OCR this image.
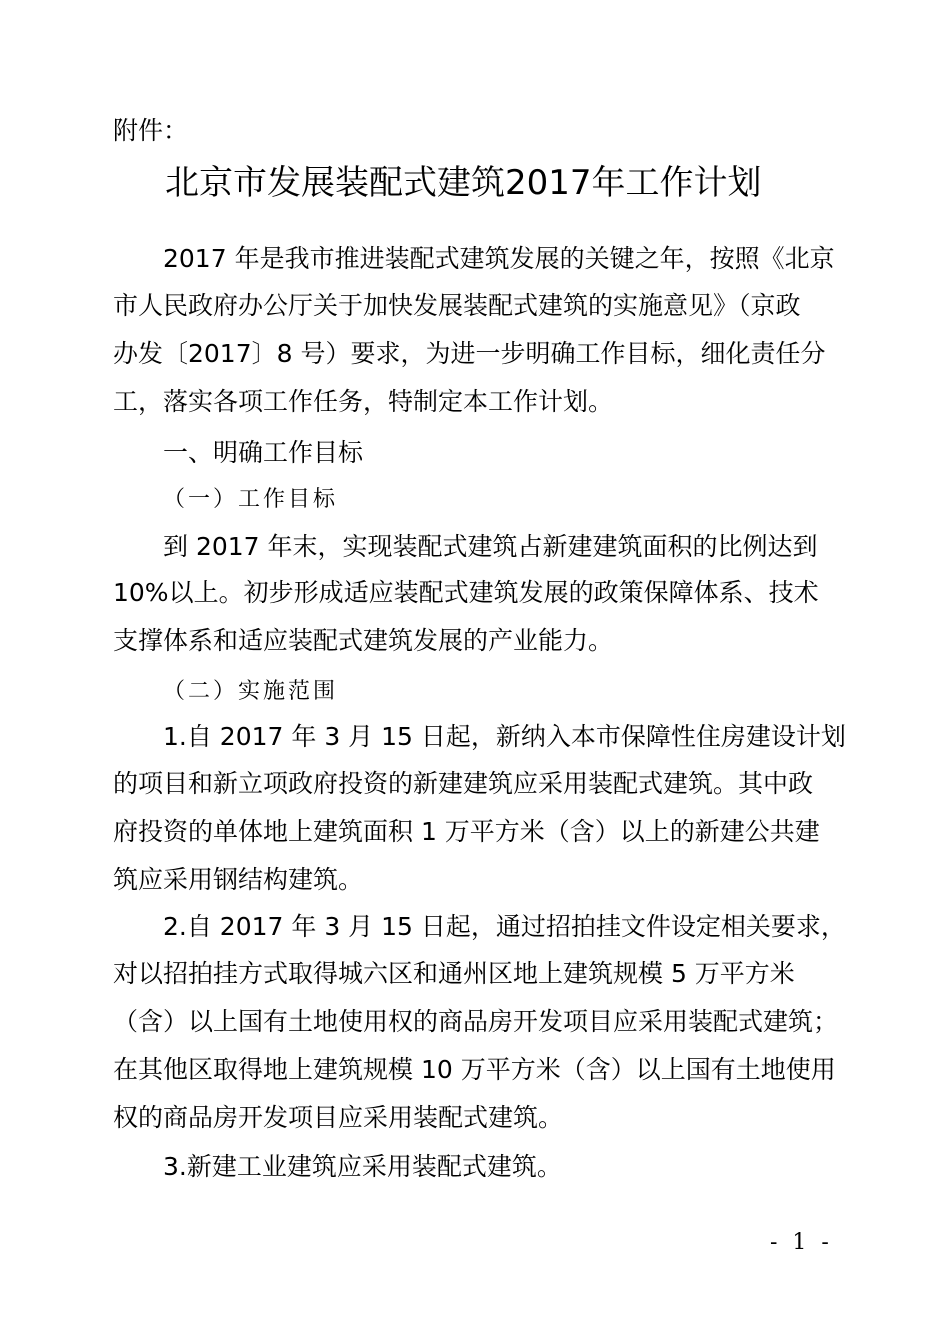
附件：

北京市发展装配式建筑2017年工作计划

2017 年是我市推进装配式建筑发展的关键之年，按照《北京

市人民政府办公厅关于加快发展装配式建筑的实施意见》（京政

办发〔2017〕8 号）要求，为进一步明确工作目标，细化责任分

工，落实各项工作任务，特制定本工作计划。

一、明确工作目标

（一）工作目标

到 2017 年末，实现装配式建筑占新建建筑面积的比例达到

10%以上。初步形成适应装配式建筑发展的政策保障体系、技术

支撑体系和适应装配式建筑发展的产业能力。

（二）实施范围

1.自 2017 年 3 月 15 日起，新纳入本市保障性住房建设计划

的项目和新立项政府投资的新建建筑应采用装配式建筑。其中政

府投资的单体地上建筑面积 1 万平方米（含）以上的新建公共建

筑应采用钢结构建筑。

2.自 2017 年 3 月 15 日起，通过招拍挂文件设定相关要求，

对以招拍挂方式取得城六区和通州区地上建筑规模 5 万平方米

（含）以上国有土地使用权的商品房开发项目应采用装配式建筑；

在其他区取得地上建筑规模 10 万平方米（含）以上国有土地使用

权的商品房开发项目应采用装配式建筑。

3.新建工业建筑应采用装配式建筑。

- 1 -
